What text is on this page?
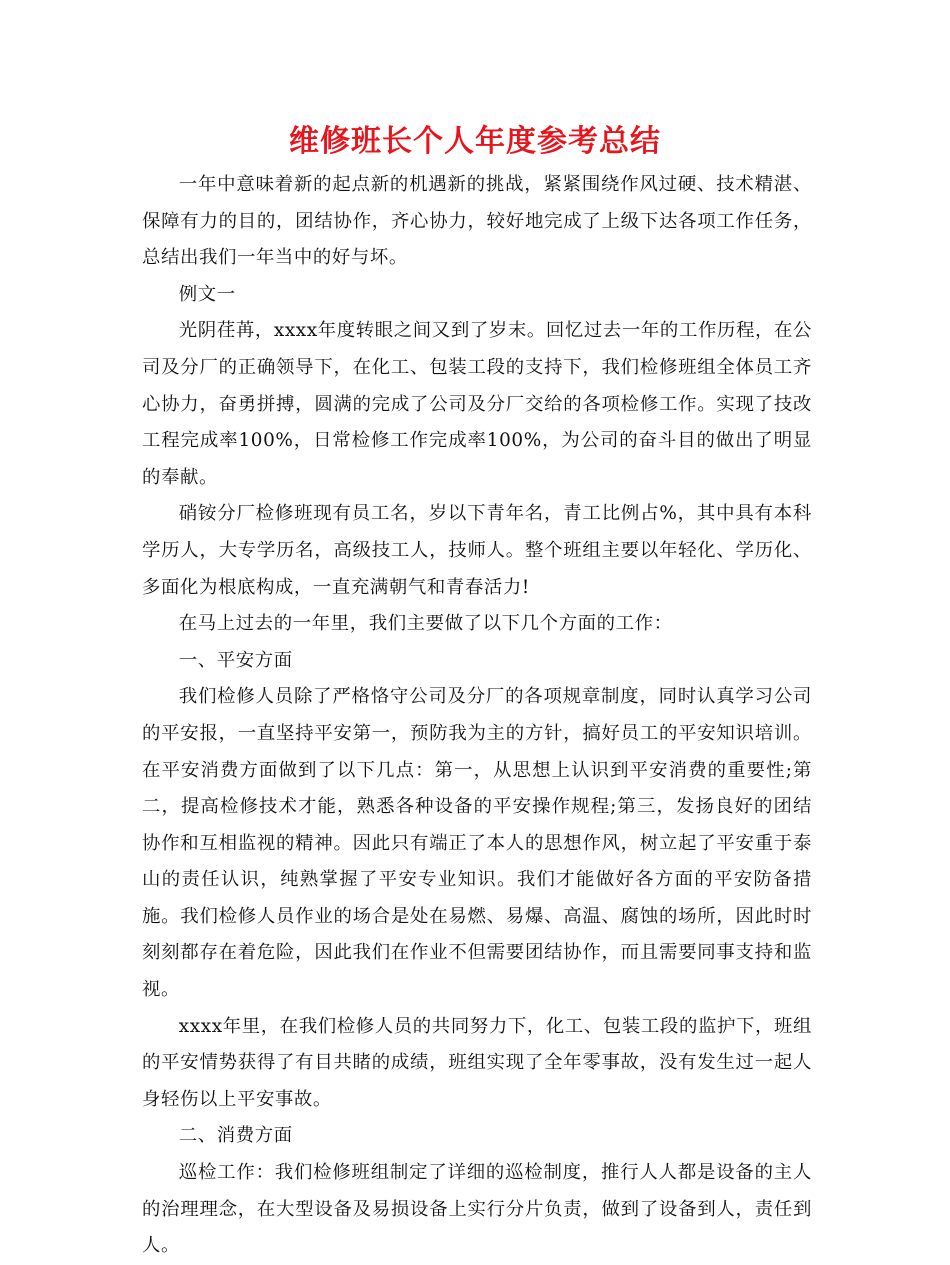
维修班长个人年度参考总结

一年中意味着新的起点新的机遇新的挑战，紧紧围绕作风过硬、技术精湛、保障有力的目的，团结协作，齐心协力，较好地完成了上级下达各项工作任务，总结出我们一年当中的好与坏。

例文一

光阴荏苒，xxxx年度转眼之间又到了岁末。回忆过去一年的工作历程，在公司及分厂的正确领导下，在化工、包装工段的支持下，我们检修班组全体员工齐心协力，奋勇拼搏，圆满的完成了公司及分厂交给的各项检修工作。实现了技改工程完成率100%，日常检修工作完成率100%，为公司的奋斗目的做出了明显的奉献。

硝铵分厂检修班现有员工名，岁以下青年名，青工比例占%，其中具有本科学历人，大专学历名，高级技工人，技师人。整个班组主要以年轻化、学历化、多面化为根底构成，一直充满朝气和青春活力!

在马上过去的一年里，我们主要做了以下几个方面的工作：

一、平安方面

我们检修人员除了严格恪守公司及分厂的各项规章制度，同时认真学习公司的平安报，一直坚持平安第一，预防我为主的方针，搞好员工的平安知识培训。在平安消费方面做到了以下几点：第一，从思想上认识到平安消费的重要性;第二，提高检修技术才能，熟悉各种设备的平安操作规程;第三，发扬良好的团结协作和互相监视的精神。因此只有端正了本人的思想作风，树立起了平安重于泰山的责任认识，纯熟掌握了平安专业知识。我们才能做好各方面的平安防备措施。我们检修人员作业的场合是处在易燃、易爆、高温、腐蚀的场所，因此时时刻刻都存在着危险，因此我们在作业不但需要团结协作，而且需要同事支持和监视。

xxxx年里，在我们检修人员的共同努力下，化工、包装工段的监护下，班组的平安情势获得了有目共睹的成绩，班组实现了全年零事故，没有发生过一起人身轻伤以上平安事故。

二、消费方面

巡检工作：我们检修班组制定了详细的巡检制度，推行人人都是设备的主人的治理理念，在大型设备及易损设备上实行分片负责，做到了设备到人，责任到人。
